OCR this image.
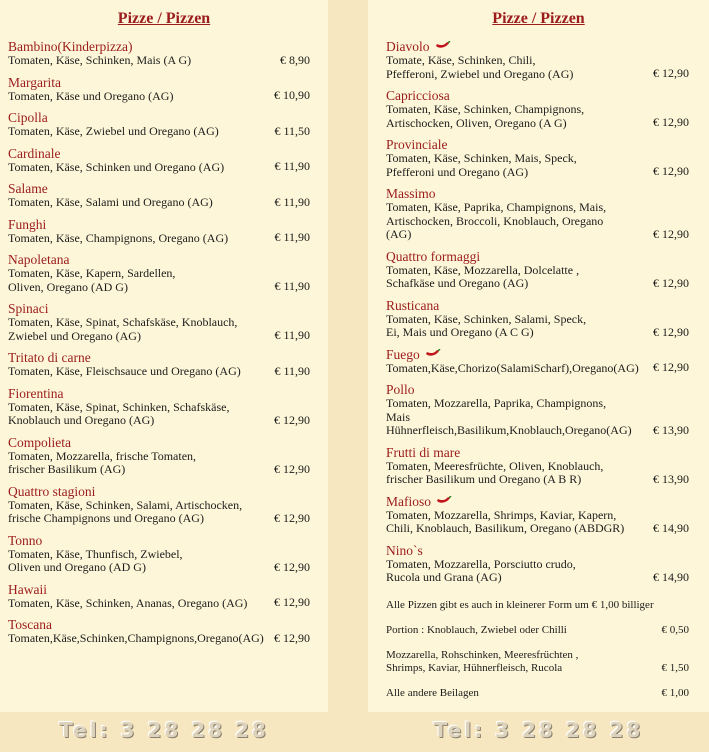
Pizze / Pizzen
Bambino(Kinderpizza)
Tomaten, Käse, Schinken, Mais (A G)	€ 8,90
Margarita
Tomaten, Käse und Oregano (AG)	€ 10,90
Cipolla
Tomaten, Käse, Zwiebel und Oregano (AG)	€ 11,50
Cardinale
Tomaten, Käse, Schinken und Oregano (AG)	€ 11,90
Salame
Tomaten, Käse, Salami und Oregano (AG)	€ 11,90
Funghi
Tomaten, Käse, Champignons, Oregano (AG)	€ 11,90
Napoletana
Tomaten, Käse, Kapern, Sardellen,
Oliven, Oregano (AD G)	€ 11,90
Spinaci
Tomaten, Käse, Spinat, Schafskäse, Knoblauch,
Zwiebel und Oregano (AG)	€ 11,90
Tritato di carne
Tomaten, Käse, Fleischsauce und Oregano (AG)	€ 11,90
Fiorentina
Tomaten, Käse, Spinat, Schinken, Schafskäse,
Knoblauch und Oregano (AG)	€ 12,90
Compolieta
Tomaten, Mozzarella, frische Tomaten,
frischer Basilikum (AG)	€ 12,90
Quattro stagioni
Tomaten, Käse, Schinken, Salami, Artischocken,
frische Champignons und Oregano (AG)	€ 12,90
Tonno
Tomaten, Käse, Thunfisch, Zwiebel,
Oliven und Oregano (AD G)	€ 12,90
Hawaii
Tomaten, Käse, Schinken, Ananas, Oregano (AG)	€ 12,90
Toscana
Tomaten,Käse,Schinken,Champignons,Oregano(AG) € 12,90
Pizze / Pizzen
Diavolo
Tomate, Käse, Schinken, Chili,
Pfefferoni, Zwiebel und Oregano (AG)	€ 12,90
Capricciosa
Tomaten, Käse, Schinken, Champignons,
Artischocken, Oliven, Oregano (A G)	€ 12,90
Provinciale
Tomaten, Käse, Schinken, Mais, Speck,
Pfefferoni und Oregano (AG)	€ 12,90
Massimo
Tomaten, Käse, Paprika, Champignons, Mais,
Artischocken, Broccoli, Knoblauch, Oregano (AG)	€ 12,90
Quattro formaggi
Tomaten, Käse, Mozzarella, Dolcelatte ,
Schafkäse und Oregano (AG)	€ 12,90
Rusticana
Tomaten, Käse, Schinken, Salami, Speck,
Ei, Mais und Oregano (A C G)	€ 12,90
Fuego
Tomaten,Käse,Chorizo(SalamiScharf),Oregano(AG)	€ 12,90
Pollo
Tomaten, Mozzarella, Paprika, Champignons, Mais
Hühnerfleisch,Basilikum,Knoblauch,Oregano(AG)	€ 13,90
Frutti di mare
Tomaten, Meeresfrüchte, Oliven, Knoblauch,
frischer Basilikum und Oregano (A B R)	€ 13,90
Mafioso
Tomaten, Mozzarella, Shrimps, Kaviar, Kapern,
Chili, Knoblauch, Basilikum, Oregano (ABDGR)	€ 14,90
Nino`s
Tomaten, Mozzarella, Porsciutto crudo,
Rucola und Grana (AG)	€ 14,90
Alle Pizzen gibt es auch in kleinerer Form um € 1,00 billiger
Portion : Knoblauch, Zwiebel oder Chilli	€ 0,50
Mozzarella, Rohschinken, Meeresfrüchten ,
Shrimps, Kaviar, Hühnerfleisch, Rucola	€ 1,50
Alle andere Beilagen	€ 1,00
Tel: 3 28 28 28	Tel: 3 28 28 28
